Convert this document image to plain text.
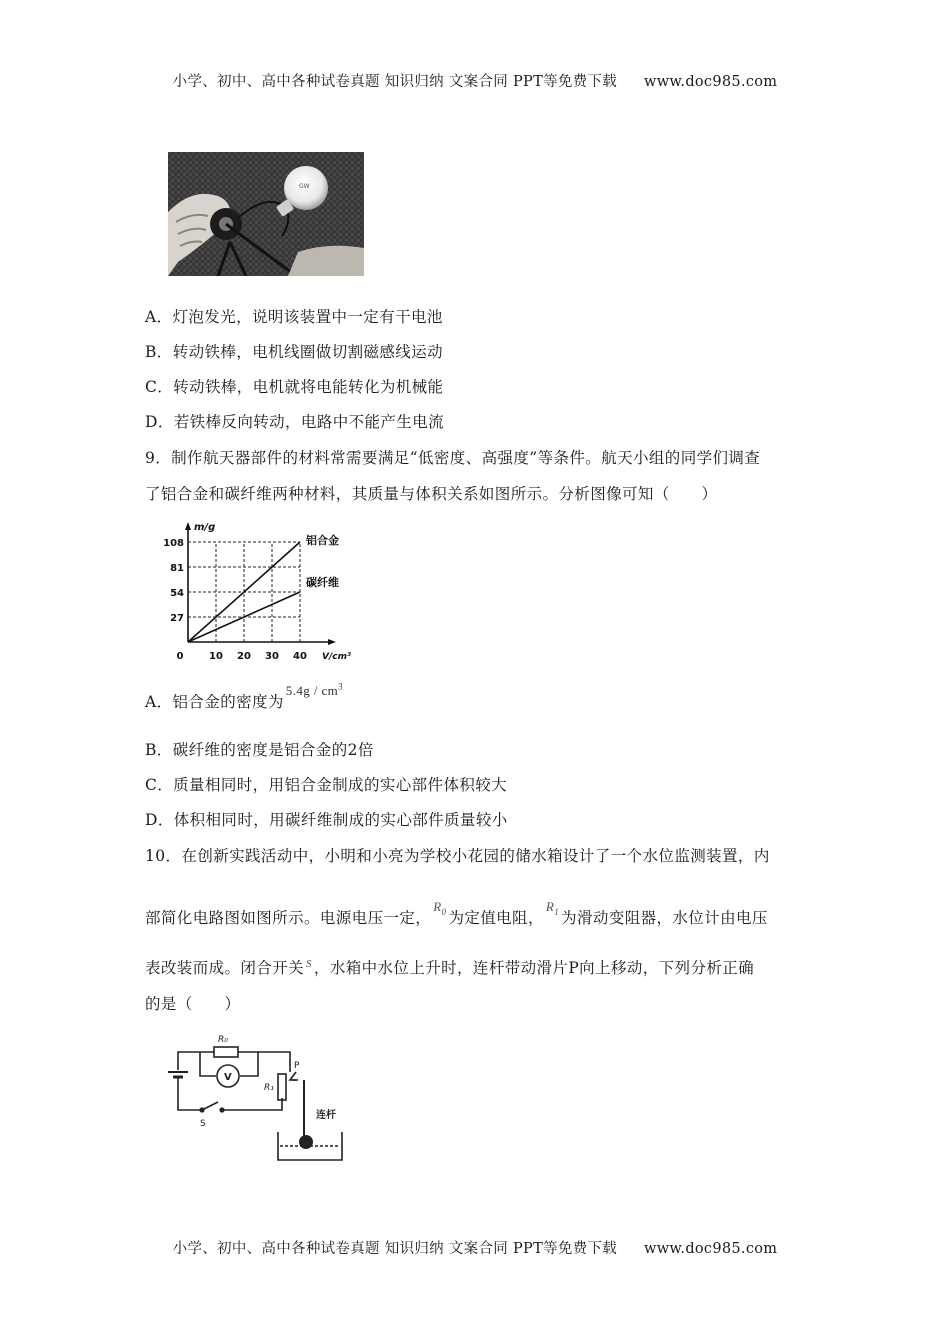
小学、初中、高中各种试卷真题 知识归纳 文案合同 PPT等免费下载 www.doc985.com
GW
A．灯泡发光，说明该装置中一定有干电池
B．转动铁棒，电机线圈做切割磁感线运动
C．转动铁棒，电机就将电能转化为机械能
D．若铁棒反向转动，电路中不能产生电流
9．制作航天器部件的材料常需要满足“低密度、高强度”等条件。航天小组的同学们调查
了铝合金和碳纤维两种材料，其质量与体积关系如图所示。分析图像可知（　　）
m/g
V/cm³
27
54
81
108
0	10 20 30 40
铝合金
碳纤维
A．铝合金的密度为$^{5.4g / cm^3}$
B．碳纤维的密度是铝合金的2倍
C．质量相同时，用铝合金制成的实心部件体积较大
D．体积相同时，用碳纤维制成的实心部件质量较小
10．在创新实践活动中，小明和小亮为学校小花园的储水箱设计了一个水位监测装置，内
部简化电路图如图所示。电源电压一定，$R_0$ 为定值电阻，$R_1$ 为滑动变阻器，水位计由电压
表改装而成。闭合开关 $^S$ ，水箱中水位上升时，连杆带动滑片P向上移动，下列分析正确
的是（　　）
R₀
V
R₁
P
S
连杆
小学、初中、高中各种试卷真题 知识归纳 文案合同 PPT等免费下载 www.doc985.com
